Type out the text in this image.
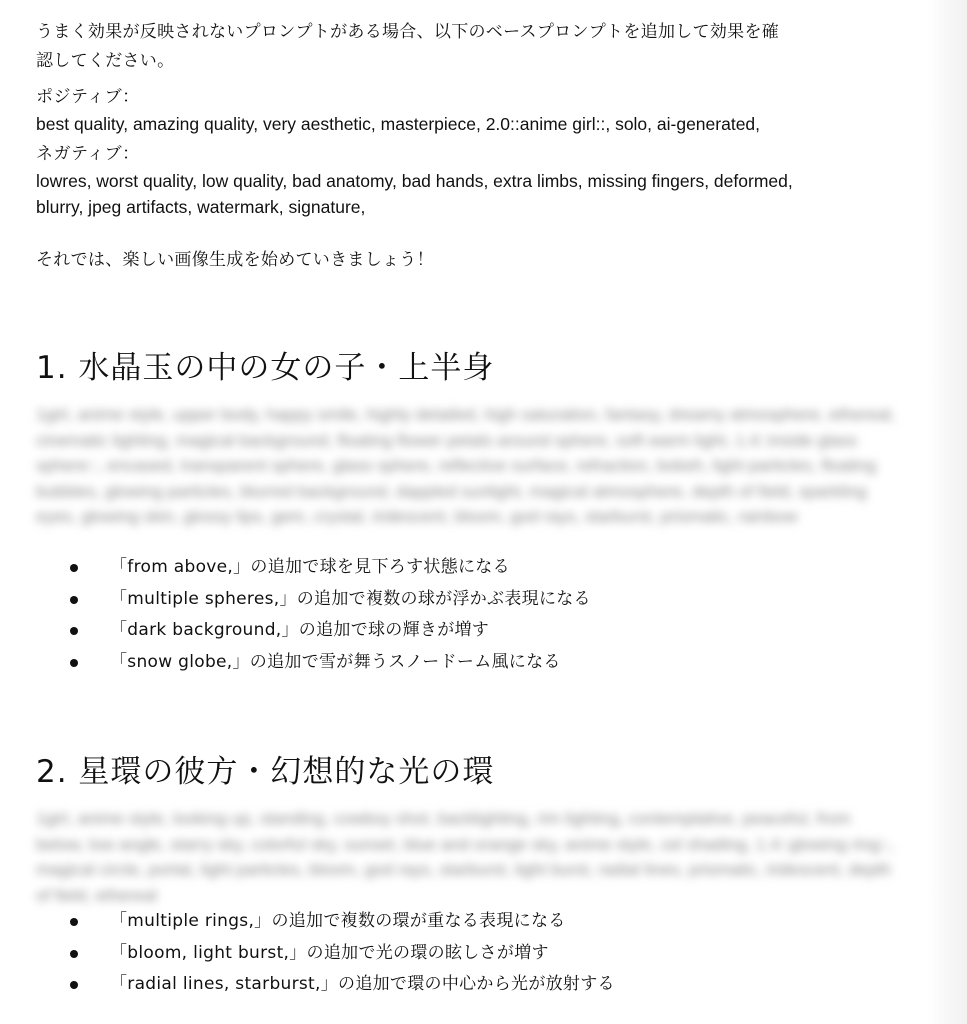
うまく効果が反映されないプロンプトがある場合、以下のベースプロンプトを追加して効果を確

認してください。

ポジティブ：

best quality, amazing quality, very aesthetic, masterpiece, 2.0::anime girl::, solo, ai-generated,

ネガティブ：

lowres, worst quality, low quality, bad anatomy, bad hands, extra limbs, missing fingers, deformed,

blurry, jpeg artifacts, watermark, signature,

それでは、楽しい画像生成を始めていきましょう！

1. 水晶玉の中の女の子・上半身

1girl, anime style, upper body, happy smile, highly detailed, high saturation, fantasy, dreamy atmosphere, ethereal, cinematic lighting, magical background, floating flower petals around sphere, soft warm light, 1.4::inside glass sphere::, encased, transparent sphere, glass sphere, reflective surface, refraction, bokeh, light particles, floating bubbles, glowing particles, blurred background, dappled sunlight, magical atmosphere, depth of field, sparkling eyes, glowing skin, glossy lips, gem, crystal, iridescent, bloom, god rays, starburst, prismatic, rainbow

「from above,」の追加で球を見下ろす状態になる
「multiple spheres,」の追加で複数の球が浮かぶ表現になる
「dark background,」の追加で球の輝きが増す
「snow globe,」の追加で雪が舞うスノードーム風になる
2. 星環の彼方・幻想的な光の環

1girl, anime style, looking up, standing, cowboy shot, backlighting, rim lighting, contemplative, peaceful, from below, low angle, starry sky, colorful sky, sunset, blue and orange sky, anime style, cel shading, 1.4::glowing ring::, magical circle, portal, light particles, bloom, god rays, starburst, light burst, radial lines, prismatic, iridescent, depth of field, ethereal

「multiple rings,」の追加で複数の環が重なる表現になる
「bloom, light burst,」の追加で光の環の眩しさが増す
「radial lines, starburst,」の追加で環の中心から光が放射する
